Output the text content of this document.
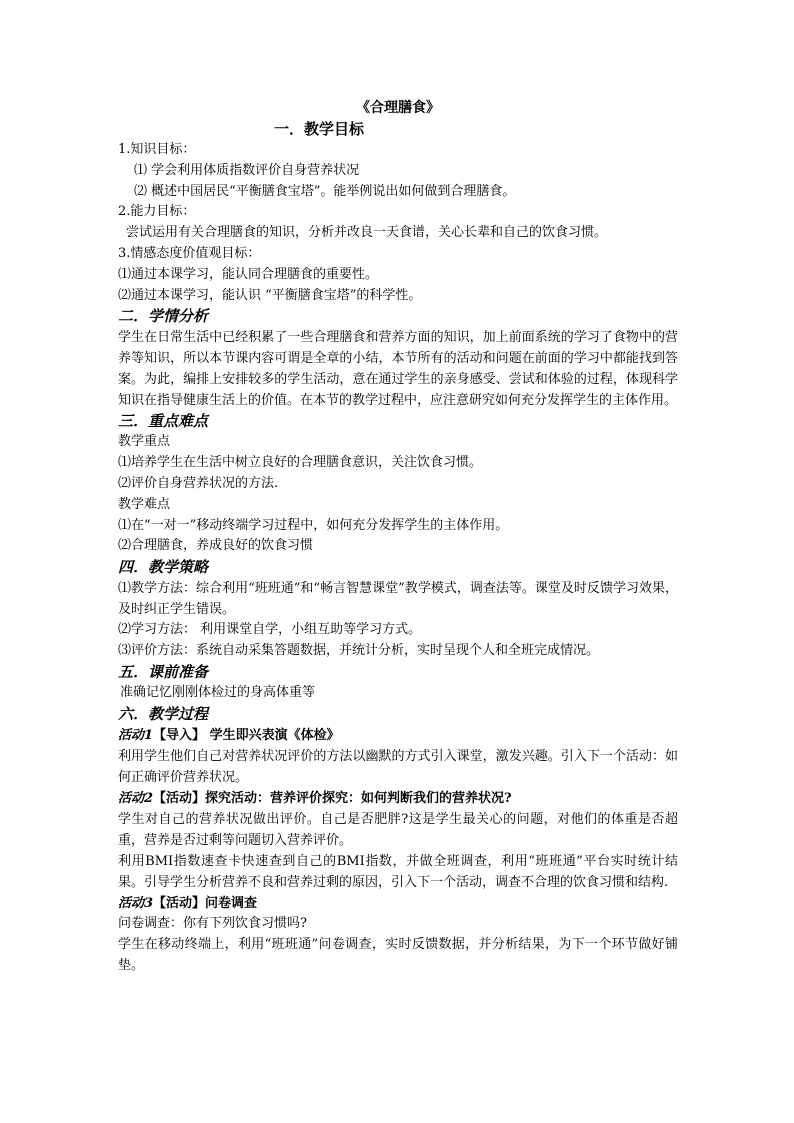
《合理膳食》
一．教学目标
1.知识目标：
⑴ 学会利用体质指数评价自身营养状况
⑵ 概述中国居民“平衡膳食宝塔”。能举例说出如何做到合理膳食。
2.能力目标：
尝试运用有关合理膳食的知识，分析并改良一天食谱，关心长辈和自己的饮食习惯。
3.情感态度价值观目标：
⑴通过本课学习，能认同合理膳食的重要性。
⑵通过本课学习，能认识 “平衡膳食宝塔”的科学性。
二．学情分析
学生在日常生活中已经积累了一些合理膳食和营养方面的知识，加上前面系统的学习了食物中的营养等知识，所以本节课内容可谓是全章的小结，本节所有的活动和问题在前面的学习中都能找到答案。为此，编排上安排较多的学生活动，意在通过学生的亲身感受、尝试和体验的过程，体现科学知识在指导健康生活上的价值。在本节的教学过程中，应注意研究如何充分发挥学生的主体作用。
三．重点难点
教学重点
⑴培养学生在生活中树立良好的合理膳食意识，关注饮食习惯。
⑵评价自身营养状况的方法.
教学难点
⑴在“一对一”移动终端学习过程中，如何充分发挥学生的主体作用。
⑵合理膳食，养成良好的饮食习惯
四．教学策略
⑴教学方法：综合利用“班班通”和“畅言智慧课堂”教学模式，调查法等。课堂及时反馈学习效果，及时纠正学生错误。
⑵学习方法： 利用课堂自学，小组互助等学习方式。
⑶评价方法：系统自动采集答题数据，并统计分析，实时呈现个人和全班完成情况。
五．课前准备
准确记忆刚刚体检过的身高体重等
六．教学过程
活动1【导入】 学生即兴表演《体检》
利用学生他们自己对营养状况评价的方法以幽默的方式引入课堂，激发兴趣。引入下一个活动：如何正确评价营养状况。
活动2【活动】探究活动：营养评价探究：如何判断我们的营养状况?
学生对自己的营养状况做出评价。自己是否肥胖?这是学生最关心的问题，对他们的体重是否超重，营养是否过剩等问题切入营养评价。
利用BMI指数速查卡快速查到自己的BMI指数，并做全班调查，利用“班班通”平台实时统计结果。引导学生分析营养不良和营养过剩的原因，引入下一个活动，调查不合理的饮食习惯和结构.
活动3【活动】问卷调查
问卷调查：你有下列饮食习惯吗?
学生在移动终端上，利用“班班通”问卷调查，实时反馈数据，并分析结果，为下一个环节做好铺垫。
